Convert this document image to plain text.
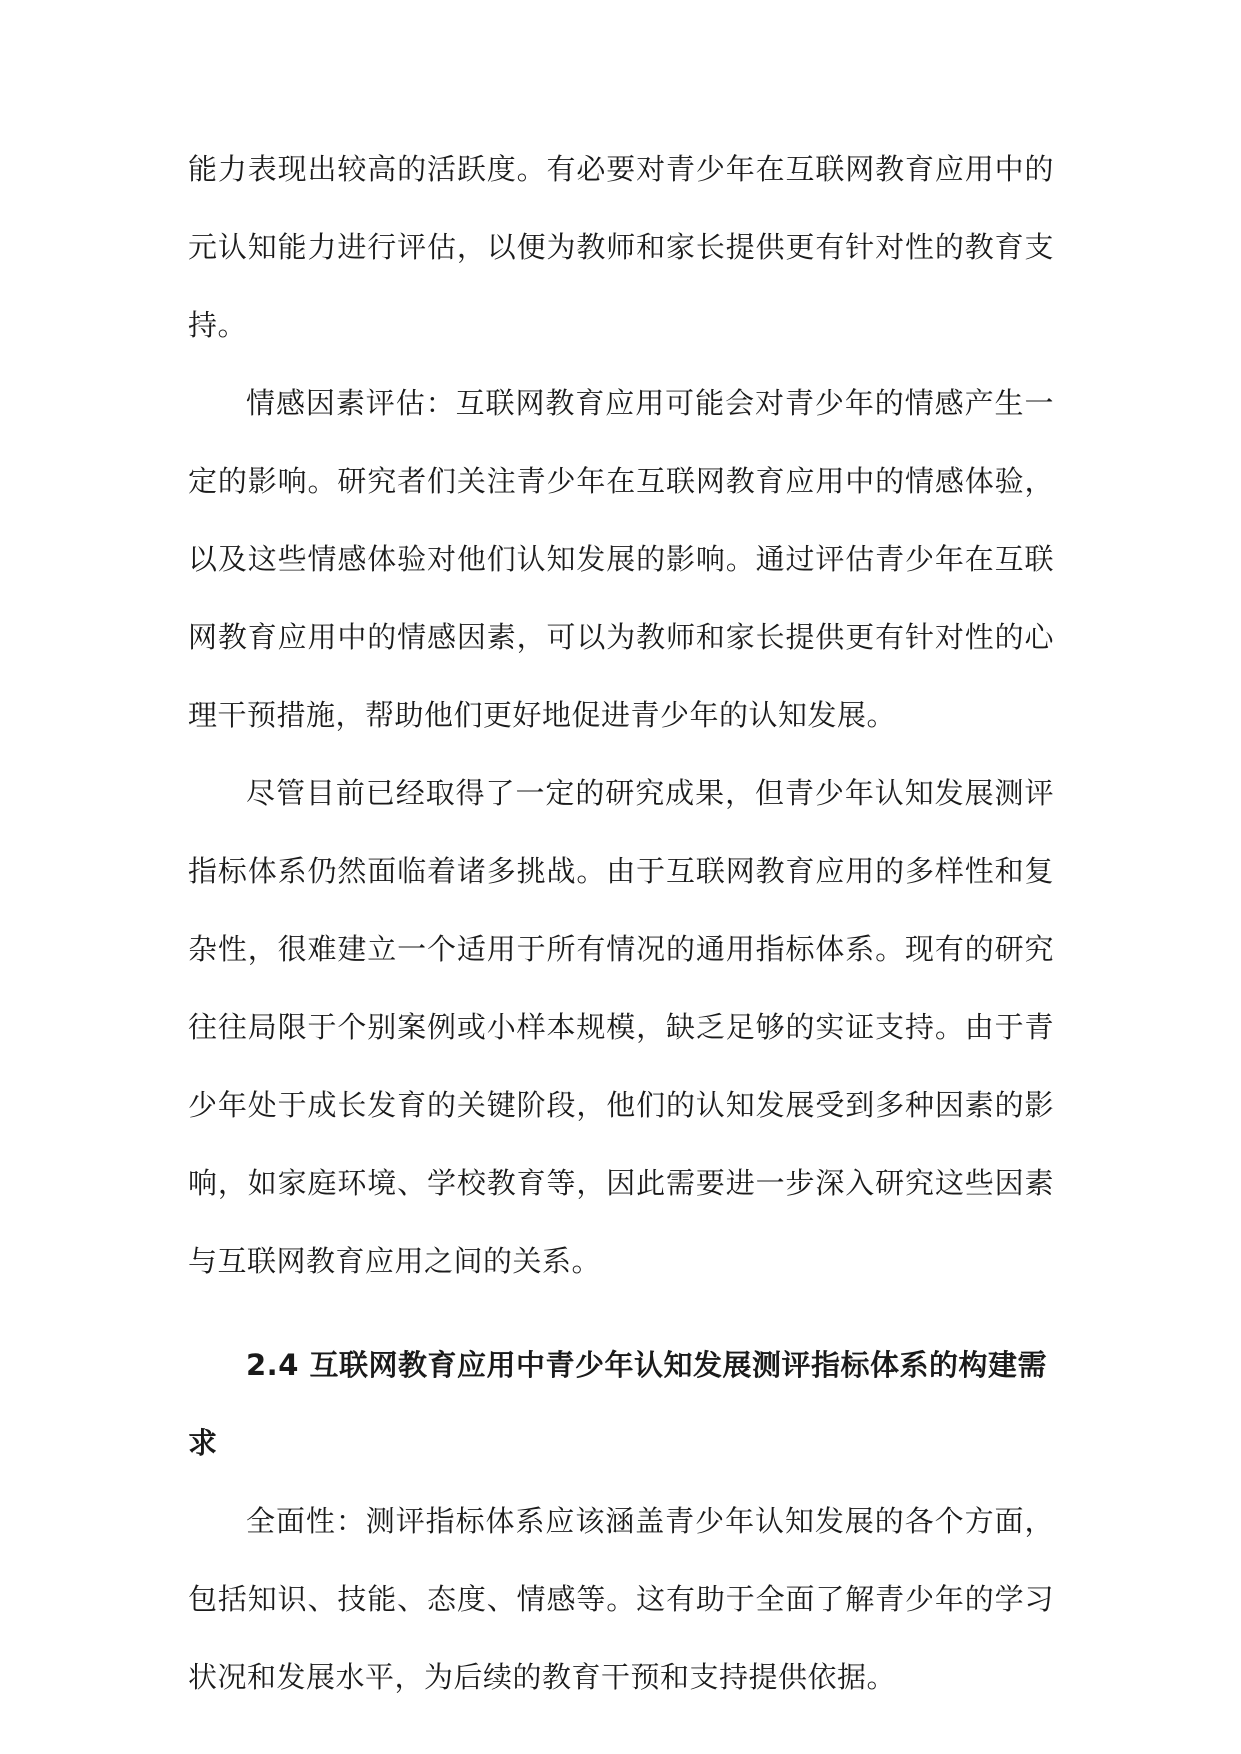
能力表现出较高的活跃度。有必要对青少年在互联网教育应用中的元认知能力进行评估，以便为教师和家长提供更有针对性的教育支持。

情感因素评估：互联网教育应用可能会对青少年的情感产生一定的影响。研究者们关注青少年在互联网教育应用中的情感体验，以及这些情感体验对他们认知发展的影响。通过评估青少年在互联网教育应用中的情感因素，可以为教师和家长提供更有针对性的心理干预措施，帮助他们更好地促进青少年的认知发展。

尽管目前已经取得了一定的研究成果，但青少年认知发展测评指标体系仍然面临着诸多挑战。由于互联网教育应用的多样性和复杂性，很难建立一个适用于所有情况的通用指标体系。现有的研究往往局限于个别案例或小样本规模，缺乏足够的实证支持。由于青少年处于成长发育的关键阶段，他们的认知发展受到多种因素的影响，如家庭环境、学校教育等，因此需要进一步深入研究这些因素与互联网教育应用之间的关系。

2.4 互联网教育应用中青少年认知发展测评指标体系的构建需求

全面性：测评指标体系应该涵盖青少年认知发展的各个方面，包括知识、技能、态度、情感等。这有助于全面了解青少年的学习状况和发展水平，为后续的教育干预和支持提供依据。
